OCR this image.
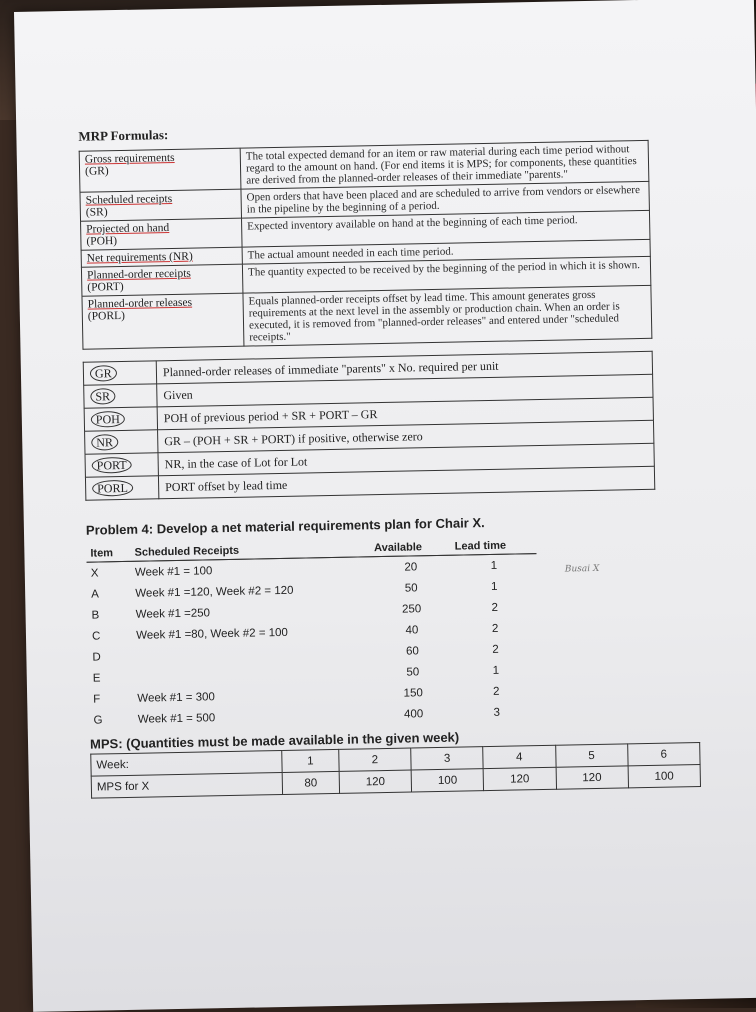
MRP Formulas:
Gross requirements
(GR)	The total expected demand for an item or raw material during each time period without regard to the amount on hand. (For end items it is MPS; for components, these quantities are derived from the planned-order releases of their immediate "parents."

Scheduled receipts
(SR)	Open orders that have been placed and are scheduled to arrive from vendors or elsewhere in the pipeline by the beginning of a period.

Projected on hand
(POH)	Expected inventory available on hand at the beginning of each time period.

Net requirements (NR)	The actual amount needed in each time period.

Planned-order receipts
(PORT)	The quantity expected to be received by the beginning of the period in which it is shown.

Planned-order releases
(PORL)	Equals planned-order receipts offset by lead time. This amount generates gross requirements at the next level in the assembly or production chain. When an order is executed, it is removed from "planned-order releases" and entered under "scheduled receipts."
GR	Planned-order releases of immediate "parents" x No. required per unit
SR	Given
POH	POH of previous period + SR + PORT – GR
NR	GR – (POH + SR + PORT) if positive, otherwise zero
PORT	NR, in the case of Lot for Lot
PORL	PORT offset by lead time
Problem 4: Develop a net material requirements plan for Chair X.
Item	Scheduled Receipts	Available	Lead time
X	Week #1 = 100	20	1
A	Week #1 =120, Week #2 = 120	50	1
B	Week #1 =250	250	2
C	Week #1 =80, Week #2 = 100	40	2
D		60	2
E		50	1
F	Week #1 = 300	150	2
G	Week #1 = 500	400	3
MPS: (Quantities must be made available in the given week)
Week:	1	2	3	4	5	6
MPS for X	80	120	100	120	120	100
Busai X
